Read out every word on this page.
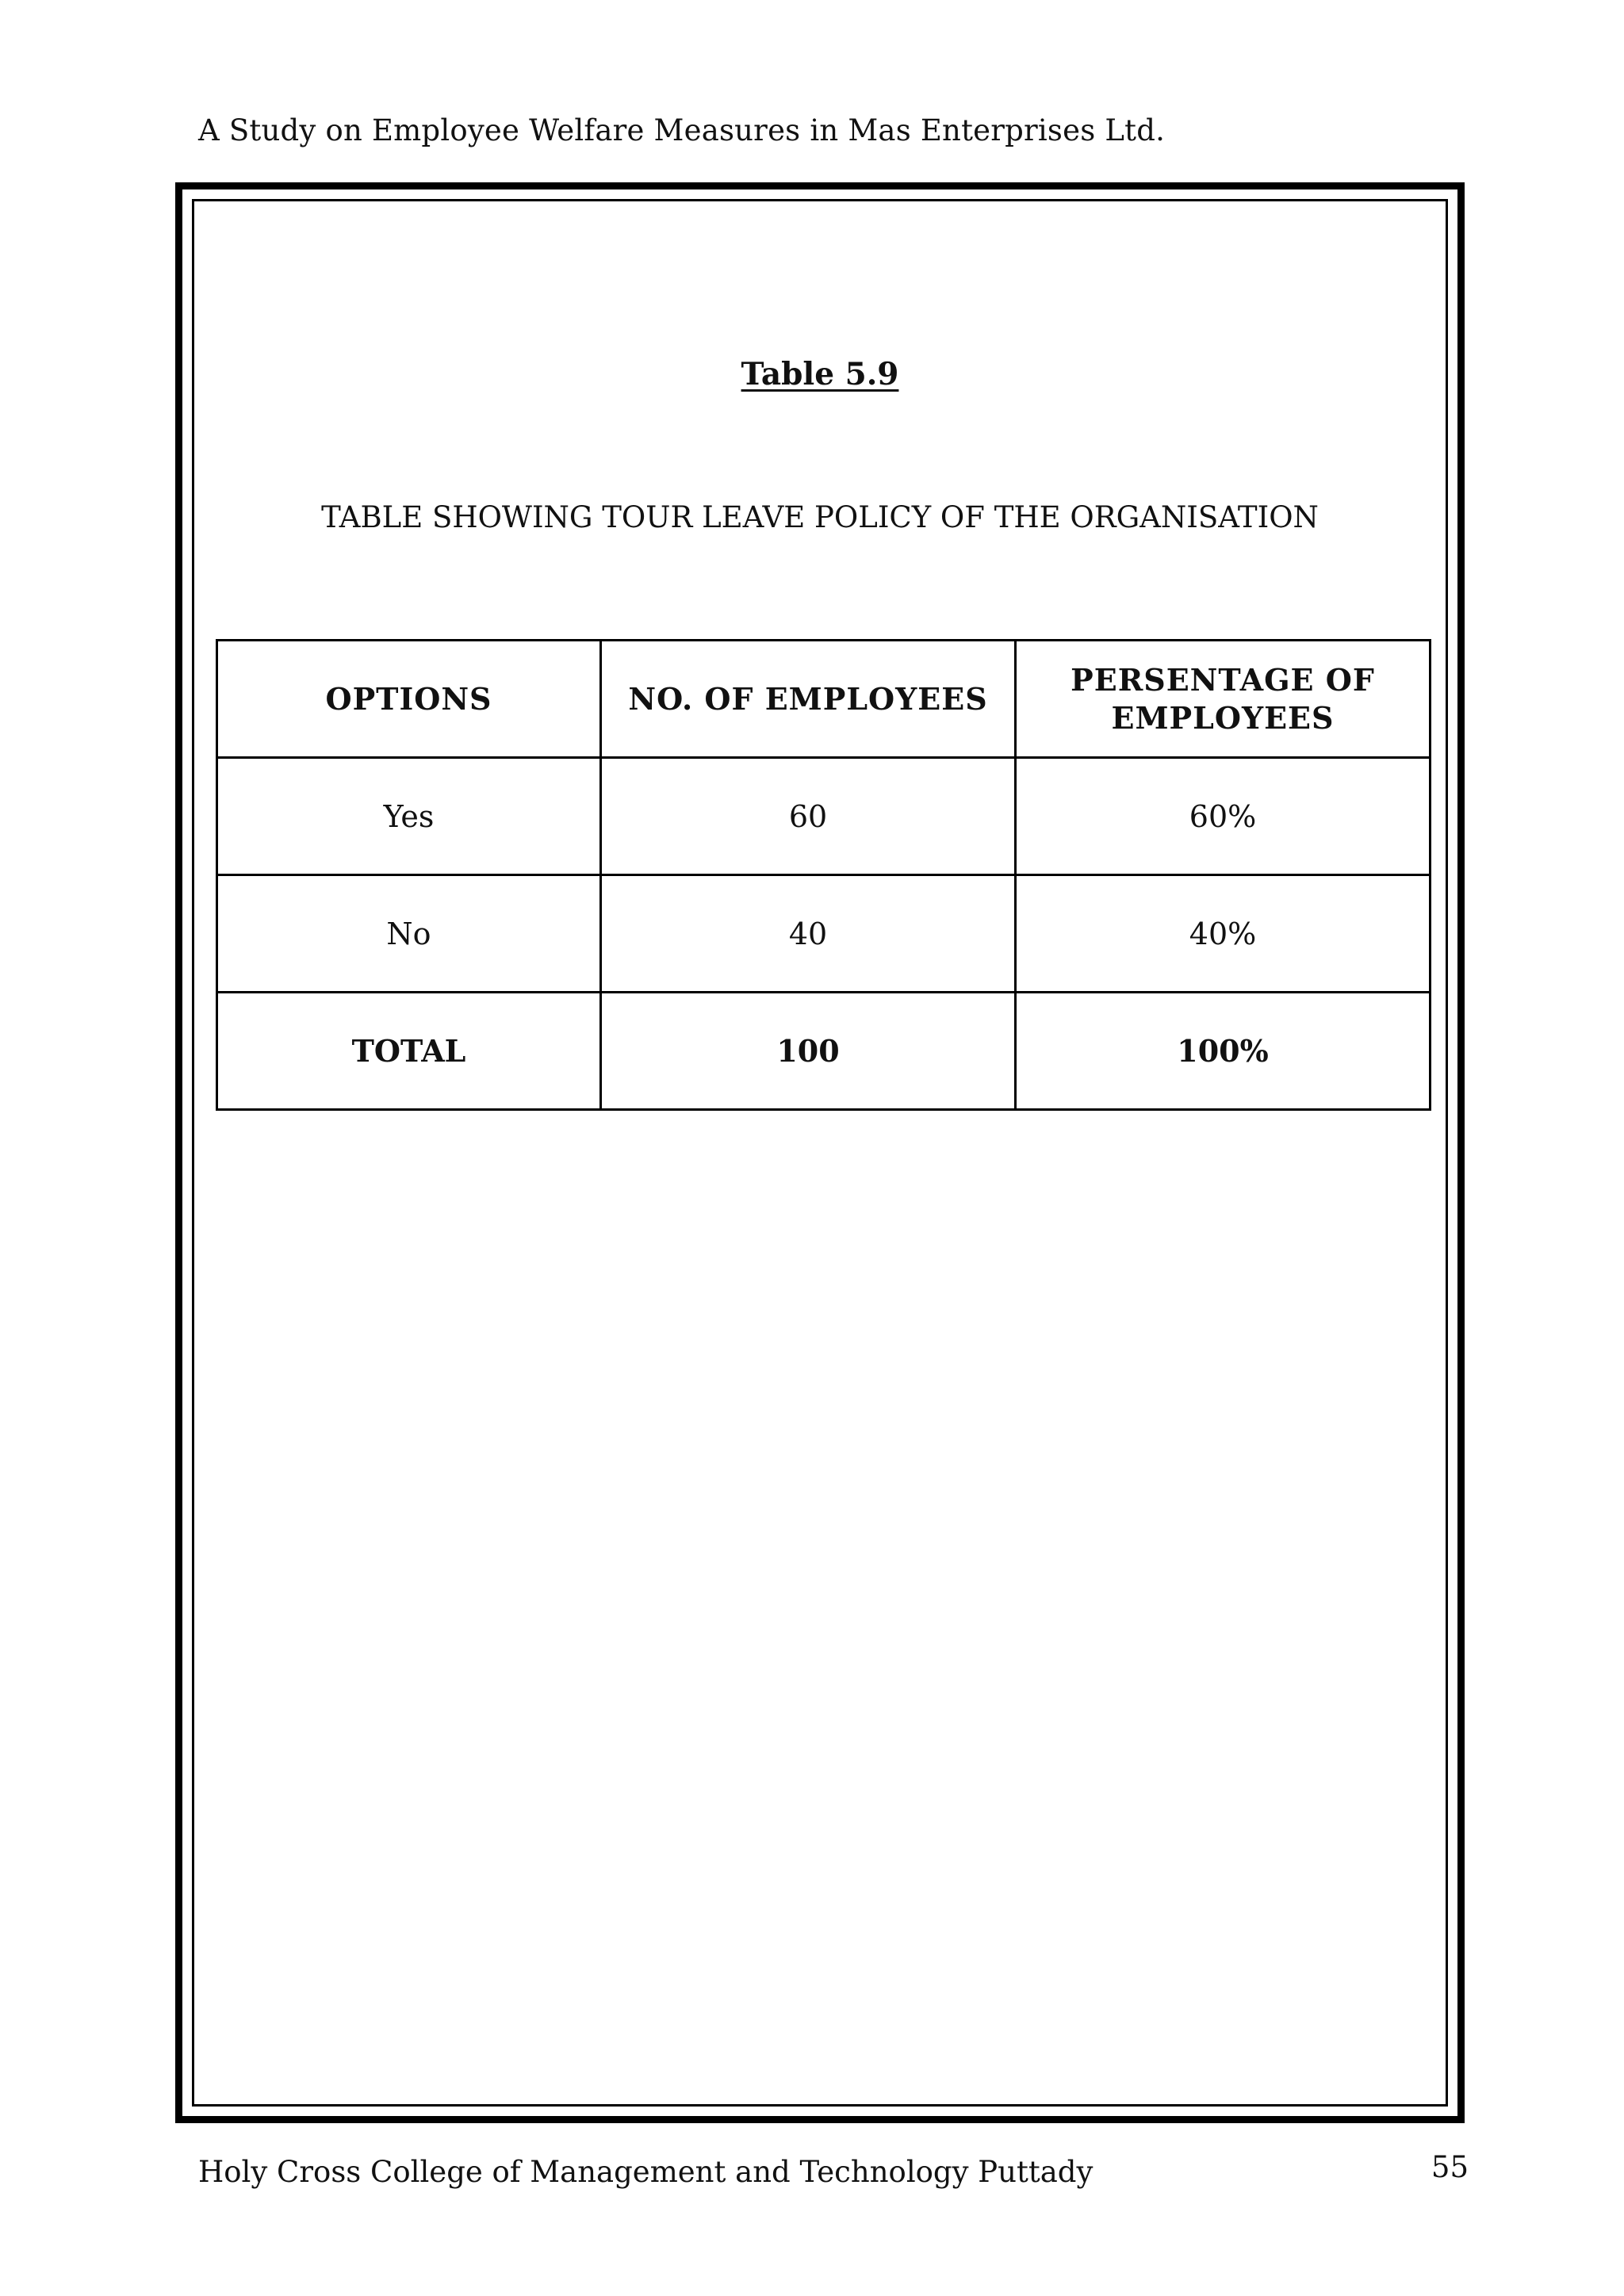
A Study on Employee Welfare Measures in Mas Enterprises Ltd.
Table 5.9
TABLE SHOWING TOUR LEAVE POLICY OF THE ORGANISATION
OPTIONS	NO. OF EMPLOYEES	PERSENTAGE OF EMPLOYEES
Yes	60	60%
No	40	40%
TOTAL	100	100%
Holy Cross College of Management and Technology Puttady	55
